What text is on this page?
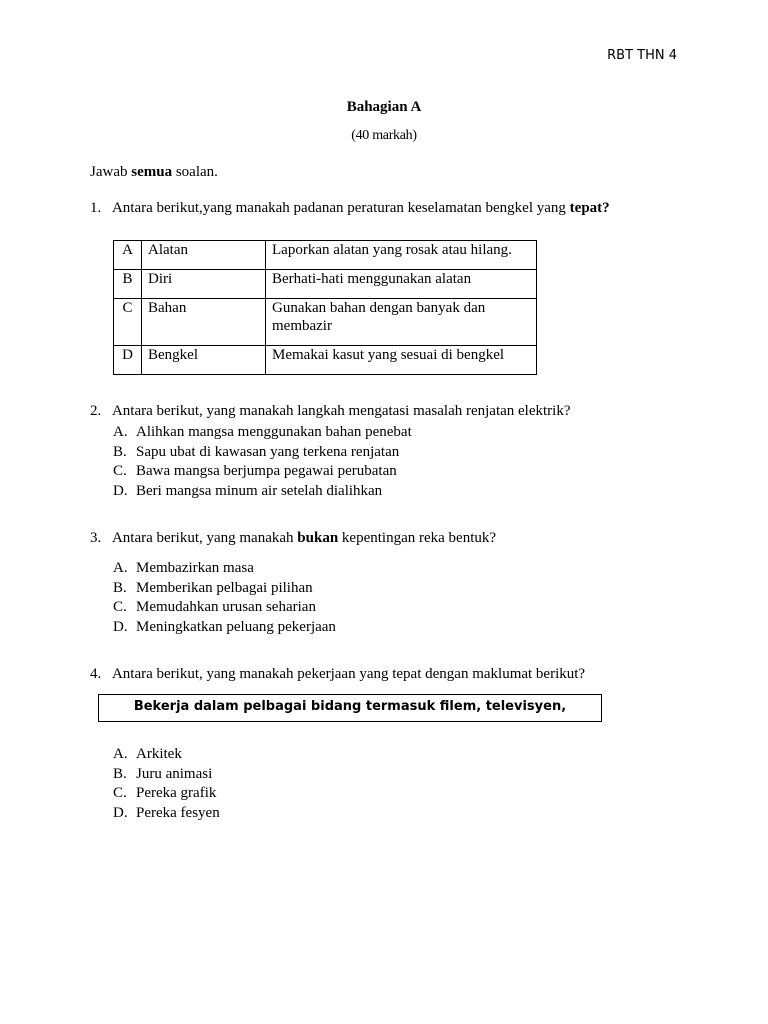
RBT THN 4
Bahagian A
(40 markah)
Jawab semua soalan.
1. Antara berikut,yang manakah padanan peraturan keselamatan bengkel yang tepat?
A	Alatan	Laporkan alatan yang rosak atau hilang.
B	Diri	Berhati-hati menggunakan alatan
C	Bahan	Gunakan bahan dengan banyak dan membazir
D	Bengkel	Memakai kasut yang sesuai di bengkel
2. Antara berikut, yang manakah langkah mengatasi masalah renjatan elektrik?
A. Alihkan mangsa menggunakan bahan penebat
B. Sapu ubat di kawasan yang terkena renjatan
C. Bawa mangsa berjumpa pegawai perubatan
D. Beri mangsa minum air setelah dialihkan
3. Antara berikut, yang manakah bukan kepentingan reka bentuk?
A. Membazirkan masa
B. Memberikan pelbagai pilihan
C. Memudahkan urusan seharian
D. Meningkatkan peluang pekerjaan
4. Antara berikut, yang manakah pekerjaan yang tepat dengan maklumat berikut?
Bekerja dalam pelbagai bidang termasuk filem, televisyen,
A. Arkitek
B. Juru animasi
C. Pereka grafik
D. Pereka fesyen
